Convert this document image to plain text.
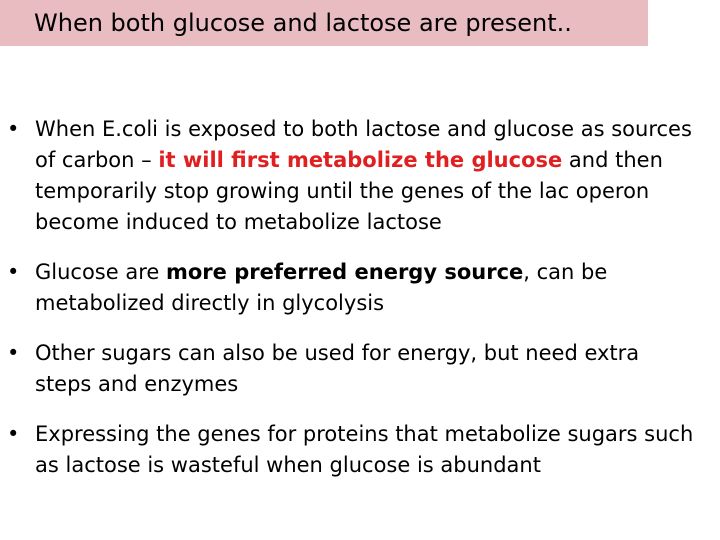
When both glucose and lactose are present..
• When E.coli is exposed to both lactose and glucose as sources of carbon – it will first metabolize the glucose and then temporarily stop growing until the genes of the lac operon become induced to metabolize lactose
• Glucose are more preferred energy source, can be metabolized directly in glycolysis
• Other sugars can also be used for energy, but need extra steps and enzymes
• Expressing the genes for proteins that metabolize sugars such as lactose is wasteful when glucose is abundant
